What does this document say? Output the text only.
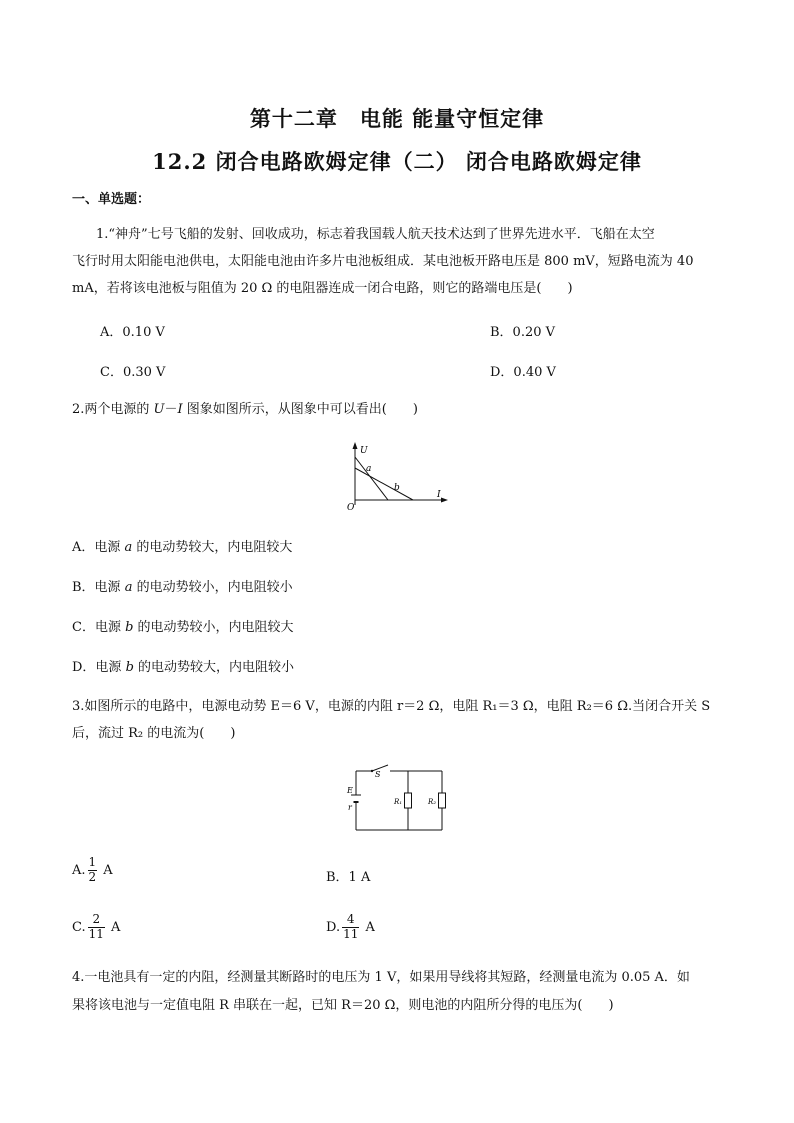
第十二章　电能 能量守恒定律
12.2 闭合电路欧姆定律（二） 闭合电路欧姆定律
一、单选题：
1.“神舟”七号飞船的发射、回收成功，标志着我国载人航天技术达到了世界先进水平．飞船在太空
飞行时用太阳能电池供电，太阳能电池由许多片电池板组成．某电池板开路电压是 800 mV，短路电流为 40
mA，若将该电池板与阻值为 20 Ω 的电阻器连成一闭合电路，则它的路端电压是(　　)
A．0.10 V	B．0.20 V
C．0.30 V	D．0.40 V
2.两个电源的 U－I 图象如图所示，从图象中可以看出(　　)
U
I
O
a
b
A．电源 a 的电动势较大，内电阻较大
B．电源 a 的电动势较小，内电阻较小
C．电源 b 的电动势较小，内电阻较大
D．电源 b 的电动势较大，内电阻较小
3.如图所示的电路中，电源电动势 E＝6 V，电源的内阻 r＝2 Ω，电阻 R₁＝3 Ω，电阻 R₂＝6 Ω.当闭合开关 S
后，流过 R₂ 的电流为(　　)
S
E
r
R₁	R₂
A. $\frac{1}{2}$ A	B．1 A
C. $\frac{2}{11}$ A	D. $\frac{4}{11}$ A
4.一电池具有一定的内阻，经测量其断路时的电压为 1 V，如果用导线将其短路，经测量电流为 0.05 A．如
果将该电池与一定值电阻 R 串联在一起，已知 R＝20 Ω，则电池的内阻所分得的电压为(　　)
